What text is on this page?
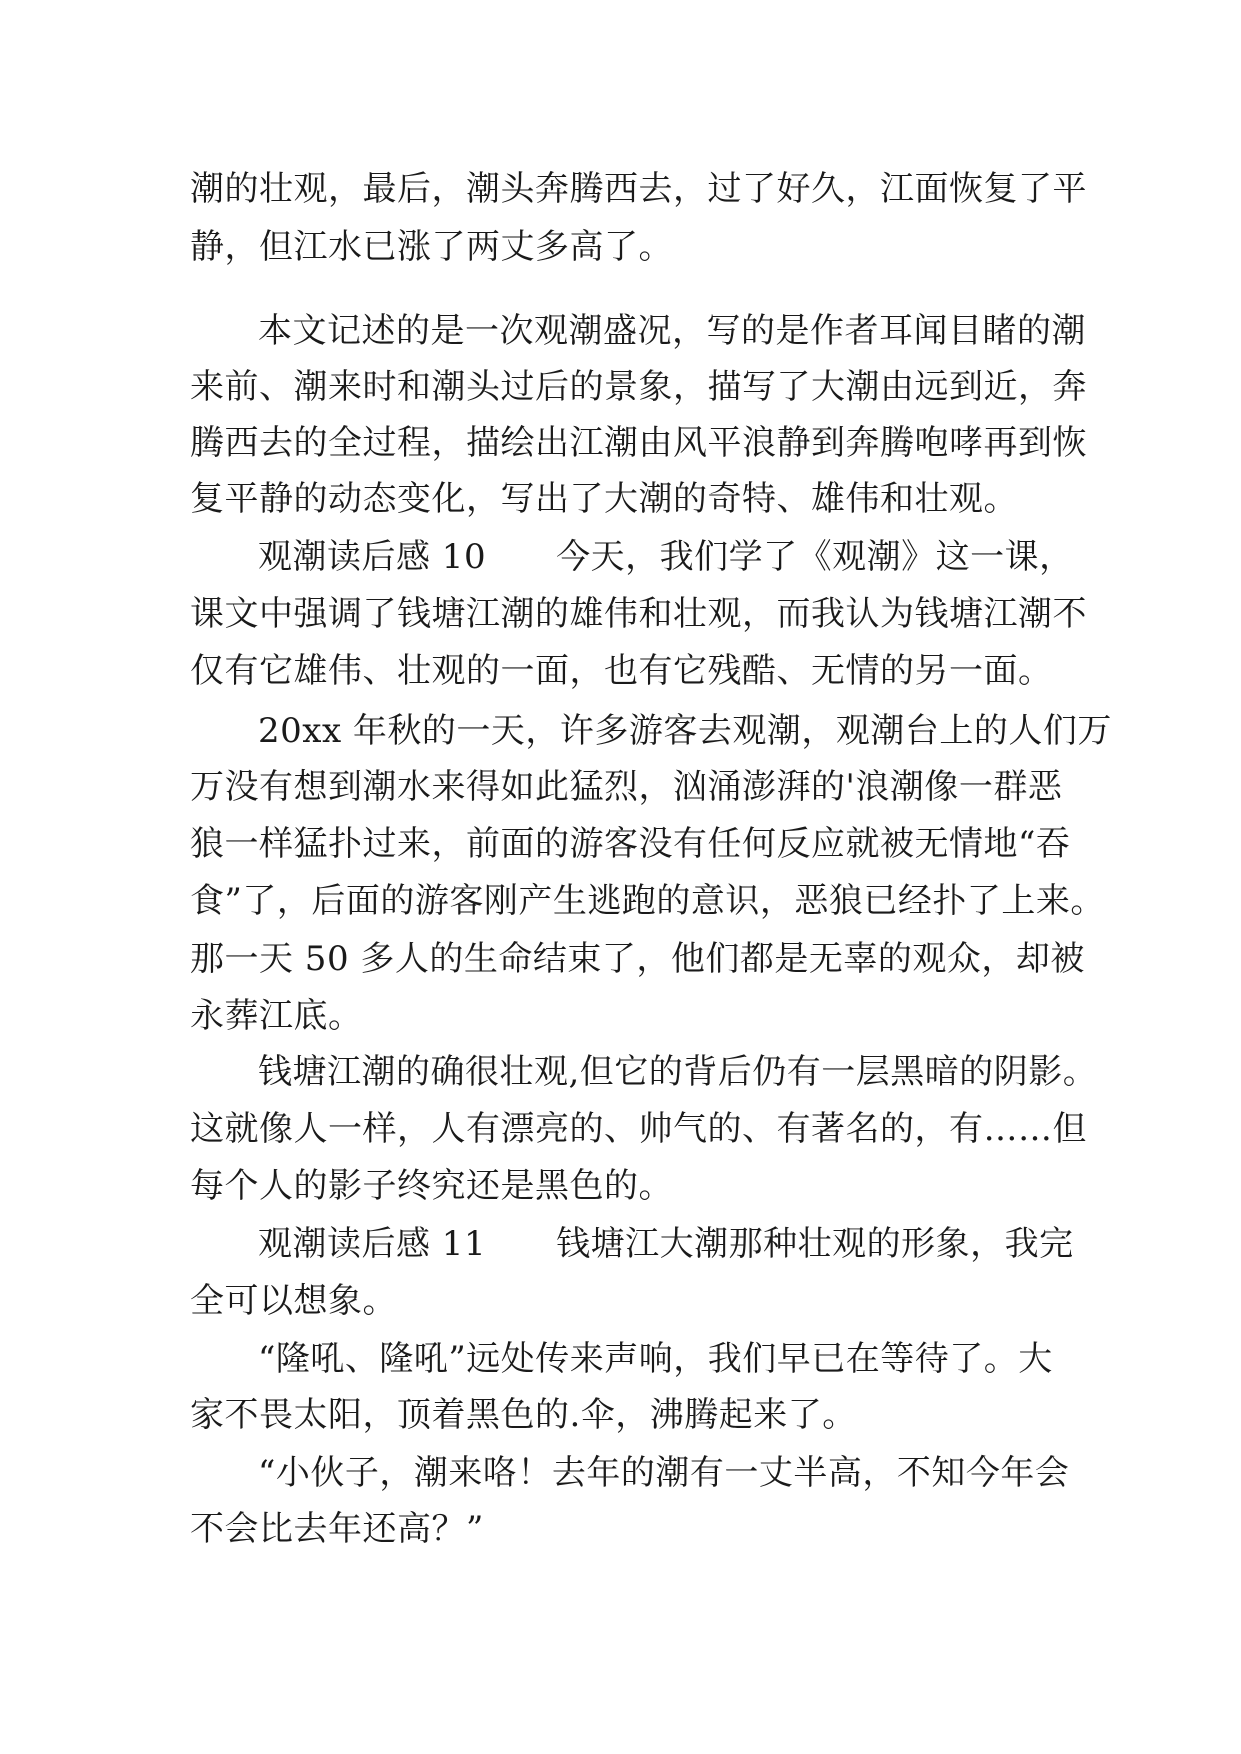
潮的壮观，最后，潮头奔腾西去，过了好久，江面恢复了平
静，但江水已涨了两丈多高了。
本文记述的是一次观潮盛况，写的是作者耳闻目睹的潮
来前、潮来时和潮头过后的景象，描写了大潮由远到近，奔
腾西去的全过程，描绘出江潮由风平浪静到奔腾咆哮再到恢
复平静的动态变化，写出了大潮的奇特、雄伟和壮观。
观潮读后感 10 今天，我们学了《观潮》这一课，
课文中强调了钱塘江潮的雄伟和壮观，而我认为钱塘江潮不
仅有它雄伟、壮观的一面，也有它残酷、无情的另一面。
20xx 年秋的一天，许多游客去观潮，观潮台上的人们万
万没有想到潮水来得如此猛烈，汹涌澎湃的'浪潮像一群恶
狼一样猛扑过来，前面的游客没有任何反应就被无情地“吞
食”了，后面的游客刚产生逃跑的意识，恶狼已经扑了上来。
那一天 50 多人的生命结束了，他们都是无辜的观众，却被
永葬江底。
钱塘江潮的确很壮观,但它的背后仍有一层黑暗的阴影。
这就像人一样，人有漂亮的、帅气的、有著名的，有……但
每个人的影子终究还是黑色的。
观潮读后感 11 钱塘江大潮那种壮观的形象，我完
全可以想象。
“隆吼、隆吼”远处传来声响，我们早已在等待了。大
家不畏太阳，顶着黑色的.伞，沸腾起来了。
“小伙子，潮来咯！去年的潮有一丈半高，不知今年会
不会比去年还高？”
